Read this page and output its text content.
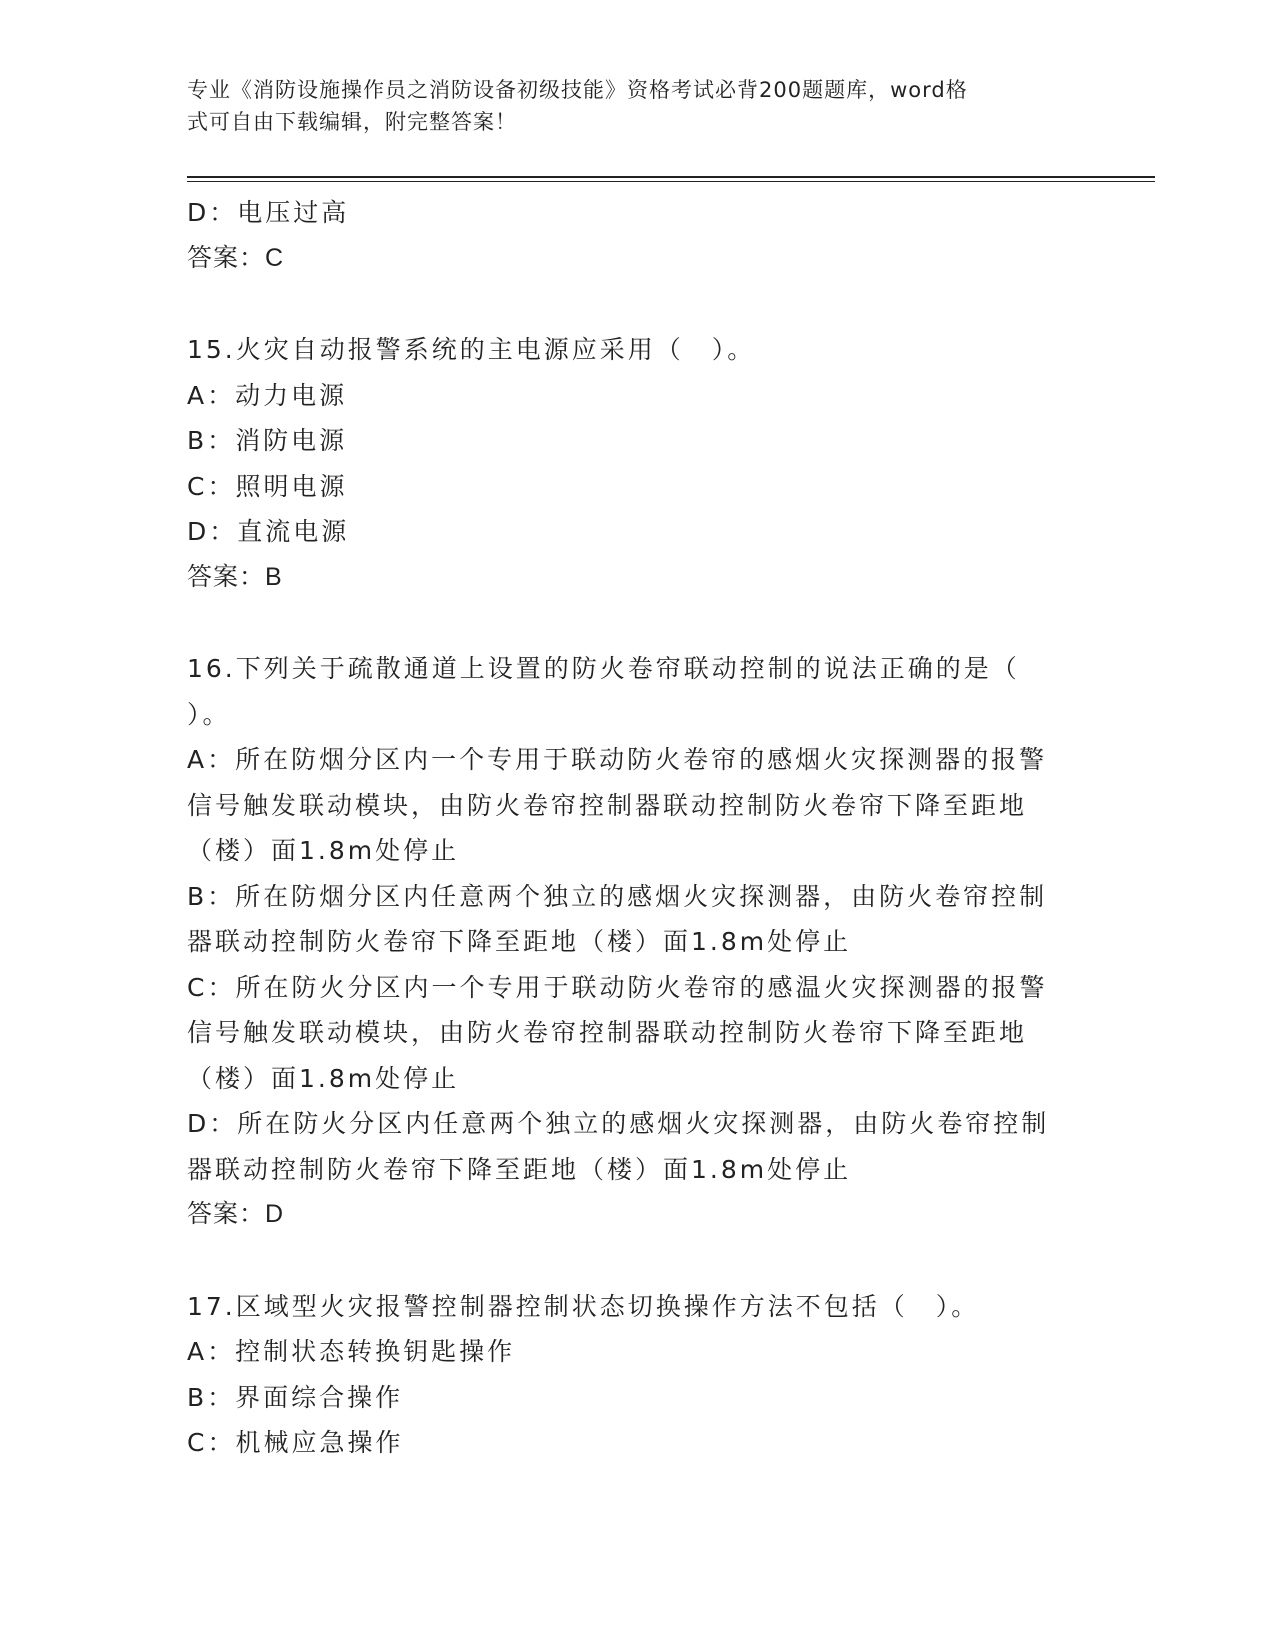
专业《消防设施操作员之消防设备初级技能》资格考试必背200题题库，word格
式可自由下载编辑，附完整答案！
D：电压过高
答案：C
15.火灾自动报警系统的主电源应采用（　）。
A：动力电源
B：消防电源
C：照明电源
D：直流电源
答案：B
16.下列关于疏散通道上设置的防火卷帘联动控制的说法正确的是（
）。
A：所在防烟分区内一个专用于联动防火卷帘的感烟火灾探测器的报警
信号触发联动模块，由防火卷帘控制器联动控制防火卷帘下降至距地
（楼）面1.8m处停止
B：所在防烟分区内任意两个独立的感烟火灾探测器，由防火卷帘控制
器联动控制防火卷帘下降至距地（楼）面1.8m处停止
C：所在防火分区内一个专用于联动防火卷帘的感温火灾探测器的报警
信号触发联动模块，由防火卷帘控制器联动控制防火卷帘下降至距地
（楼）面1.8m处停止
D：所在防火分区内任意两个独立的感烟火灾探测器，由防火卷帘控制
器联动控制防火卷帘下降至距地（楼）面1.8m处停止
答案：D
17.区域型火灾报警控制器控制状态切换操作方法不包括（　）。
A：控制状态转换钥匙操作
B：界面综合操作
C：机械应急操作
